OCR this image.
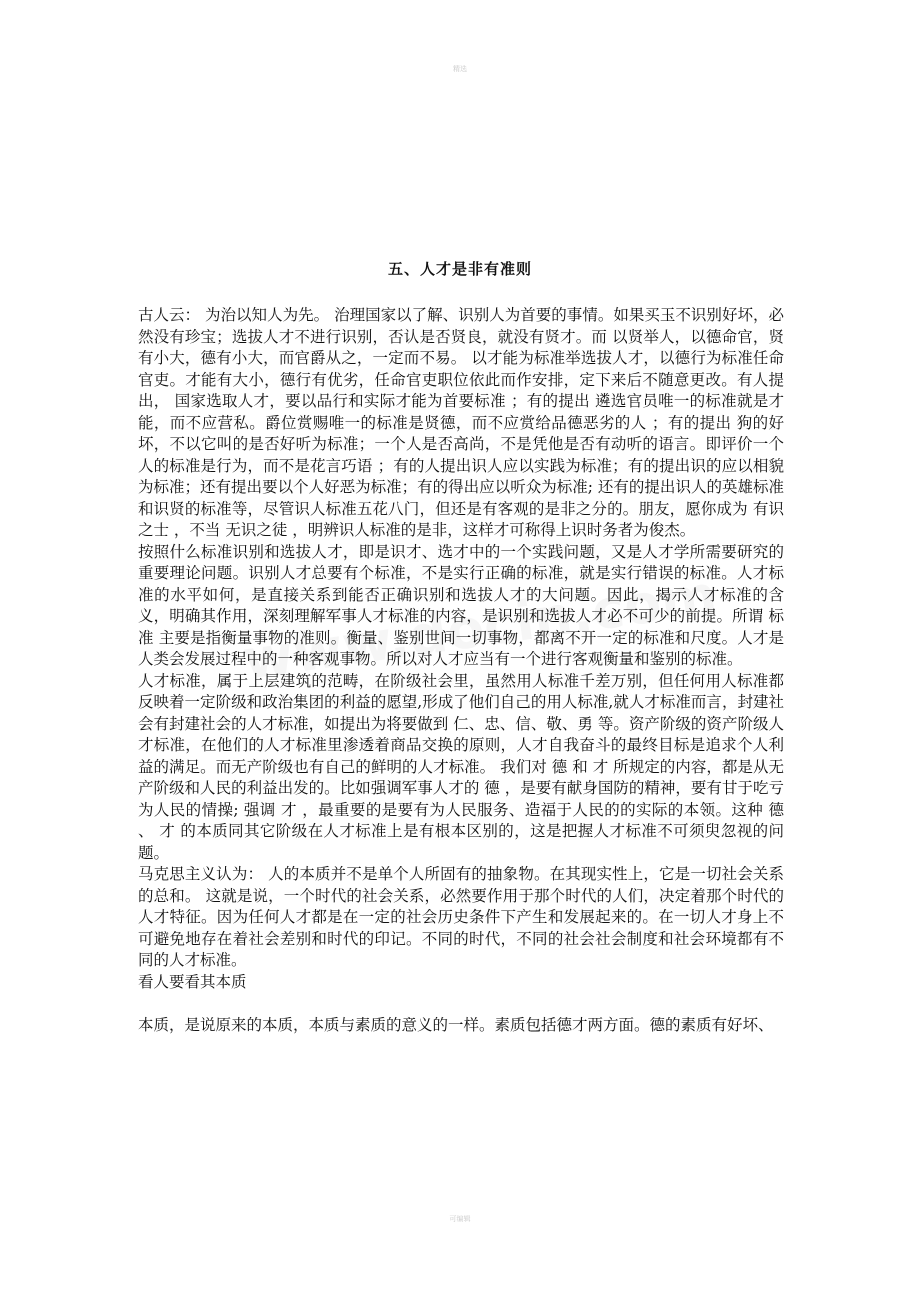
精选
五、人才是非有准则

古人云： 为治以知人为先。 治理国家以了解、识别人为首要的事情。如果买玉不识别好坏，必然没有珍宝；选拔人才不进行识别，否认是否贤良，就没有贤才。而 以贤举人，以德命官，贤有小大，德有小大，而官爵从之，一定而不易。 以才能为标准举选拔人才，以德行为标准任命官吏。才能有大小，德行有优劣，任命官吏职位依此而作安排，定下来后不随意更改。有人提出， 国家选取人才，要以品行和实际才能为首要标准 ；有的提出 遴选官员唯一的标准就是才能，而不应营私。爵位赏赐唯一的标准是贤德，而不应赏给品德恶劣的人 ；有的提出 狗的好坏，不以它叫的是否好听为标准；一个人是否高尚，不是凭他是否有动听的语言。即评价一个人的标准是行为，而不是花言巧语 ；有的人提出识人应以实践为标准；有的提出识的应以相貌为标准；还有提出要以个人好恶为标准；有的得出应以听众为标准; 还有的提出识人的英雄标准和识贤的标准等，尽管识人标准五花八门，但还是有客观的是非之分的。朋友，愿你成为 有识之士 ，不当 无识之徒 ，明辨识人标准的是非，这样才可称得上识时务者为俊杰。

按照什么标准识别和选拔人才，即是识才、选才中的一个实践问题，又是人才学所需要研究的重要理论问题。识别人才总要有个标准，不是实行正确的标准，就是实行错误的标准。人才标准的水平如何，是直接关系到能否正确识别和选拔人才的大问题。因此，揭示人才标准的含义，明确其作用，深刻理解军事人才标准的内容，是识别和选拔人才必不可少的前提。所谓 标准 主要是指衡量事物的准则。衡量、鉴别世间一切事物，都离不开一定的标准和尺度。人才是人类会发展过程中的一种客观事物。所以对人才应当有一个进行客观衡量和鉴别的标准。

人才标准，属于上层建筑的范畴，在阶级社会里，虽然用人标准千差万别，但任何用人标准都反映着一定阶级和政治集团的利益的愿望,形成了他们自己的用人标准,就人才标准而言，封建社会有封建社会的人才标准，如提出为将要做到 仁、忠、信、敬、勇 等。资产阶级的资产阶级人才标准，在他们的人才标准里渗透着商品交换的原则，人才自我奋斗的最终目标是追求个人利益的满足。而无产阶级也有自己的鲜明的人才标准。 我们对 德 和 才 所规定的内容，都是从无产阶级和人民的利益出发的。比如强调军事人才的 德 ，是要有献身国防的精神，要有甘于吃亏为人民的情操; 强调 才 ，最重要的是要有为人民服务、造福于人民的的实际的本领。这种 德 、 才 的本质同其它阶级在人才标准上是有根本区别的，这是把握人才标准不可须臾忽视的问题。

马克思主义认为： 人的本质并不是单个人所固有的抽象物。在其现实性上，它是一切社会关系的总和。 这就是说，一个时代的社会关系，必然要作用于那个时代的人们，决定着那个时代的人才特征。因为任何人才都是在一定的社会历史条件下产生和发展起来的。在一切人才身上不可避免地存在着社会差别和时代的印记。不同的时代，不同的社会社会制度和社会环境都有不同的人才标准。

看人要看其本质

本质，是说原来的本质，本质与素质的意义的一样。素质包括德才两方面。德的素质有好坏、

可编辑
